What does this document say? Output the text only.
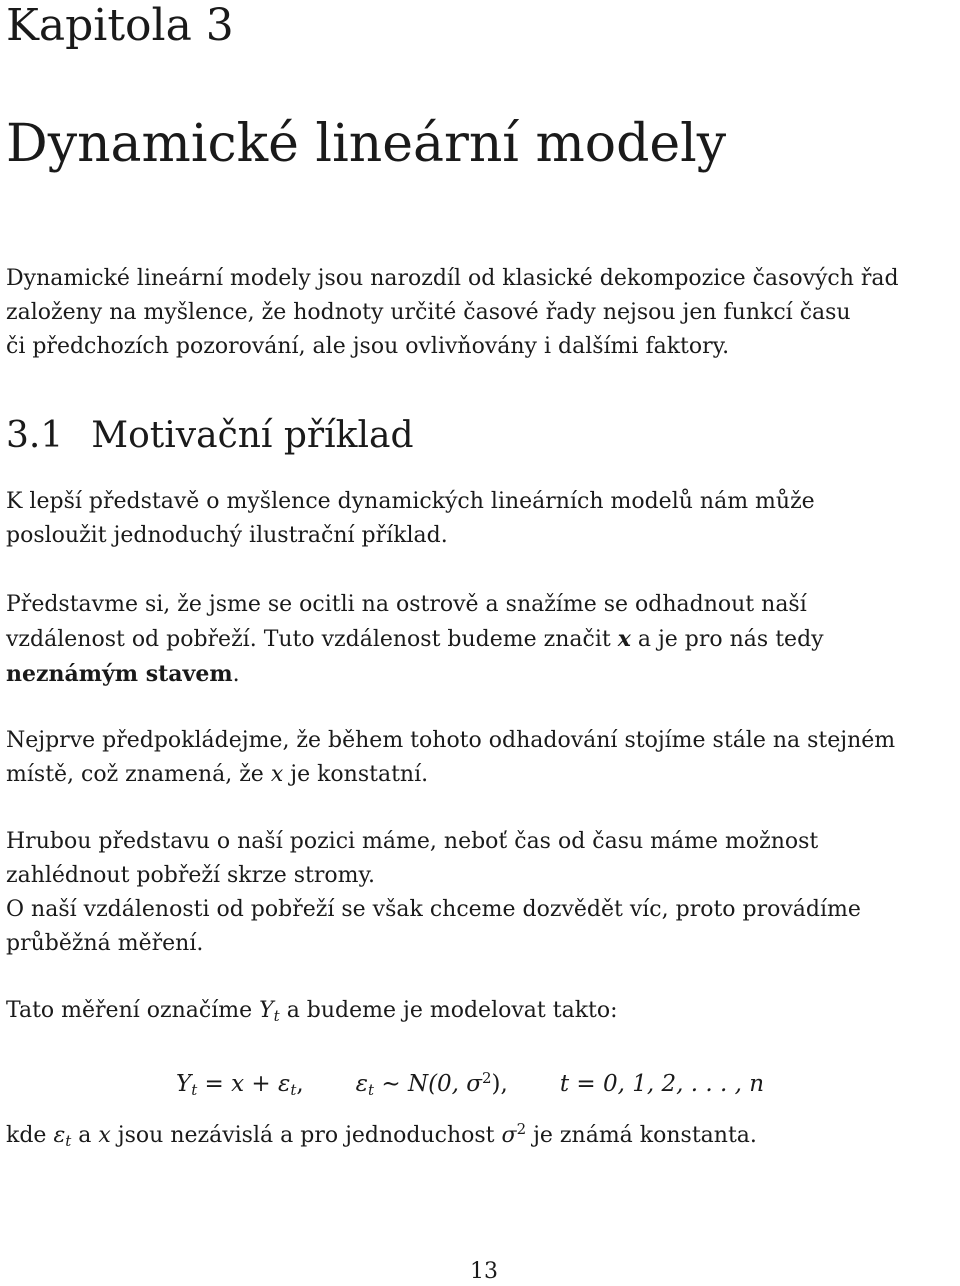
Kapitola 3
Dynamické lineární modely

Dynamické lineární modely jsou narozdíl od klasické dekompozice časových řad
založeny na myšlence, že hodnoty určité časové řady nejsou jen funkcí času
či předchozích pozorování, ale jsou ovlivňovány i dalšími faktory.

3.1 Motivační příklad

K lepší představě o myšlence dynamických lineárních modelů nám může
posloužit jednoduchý ilustrační příklad.

Představme si, že jsme se ocitli na ostrově a snažíme se odhadnout naší
vzdálenost od pobřeží. Tuto vzdálenost budeme značit x a je pro nás tedy
neznámým stavem.

Nejprve předpokládejme, že během tohoto odhadování stojíme stále na stejném
místě, což znamená, že x je konstatní.

Hrubou představu o naší pozici máme, neboť čas od času máme možnost
zahlédnout pobřeží skrze stromy.
O naší vzdálenosti od pobřeží se však chceme dozvědět víc, proto provádíme
průběžná měření.

Tato měření označíme $Y_t$ a budeme je modelovat takto:

$Y_t = x + \varepsilon_t$, $\varepsilon_t$ ∼ N(0, $\sigma^2$), t = 0, 1, 2, . . . , n

kde $\varepsilon_t$ a x jsou nezávislá a pro jednoduchost $\sigma^2$ je známá konstanta.

13
